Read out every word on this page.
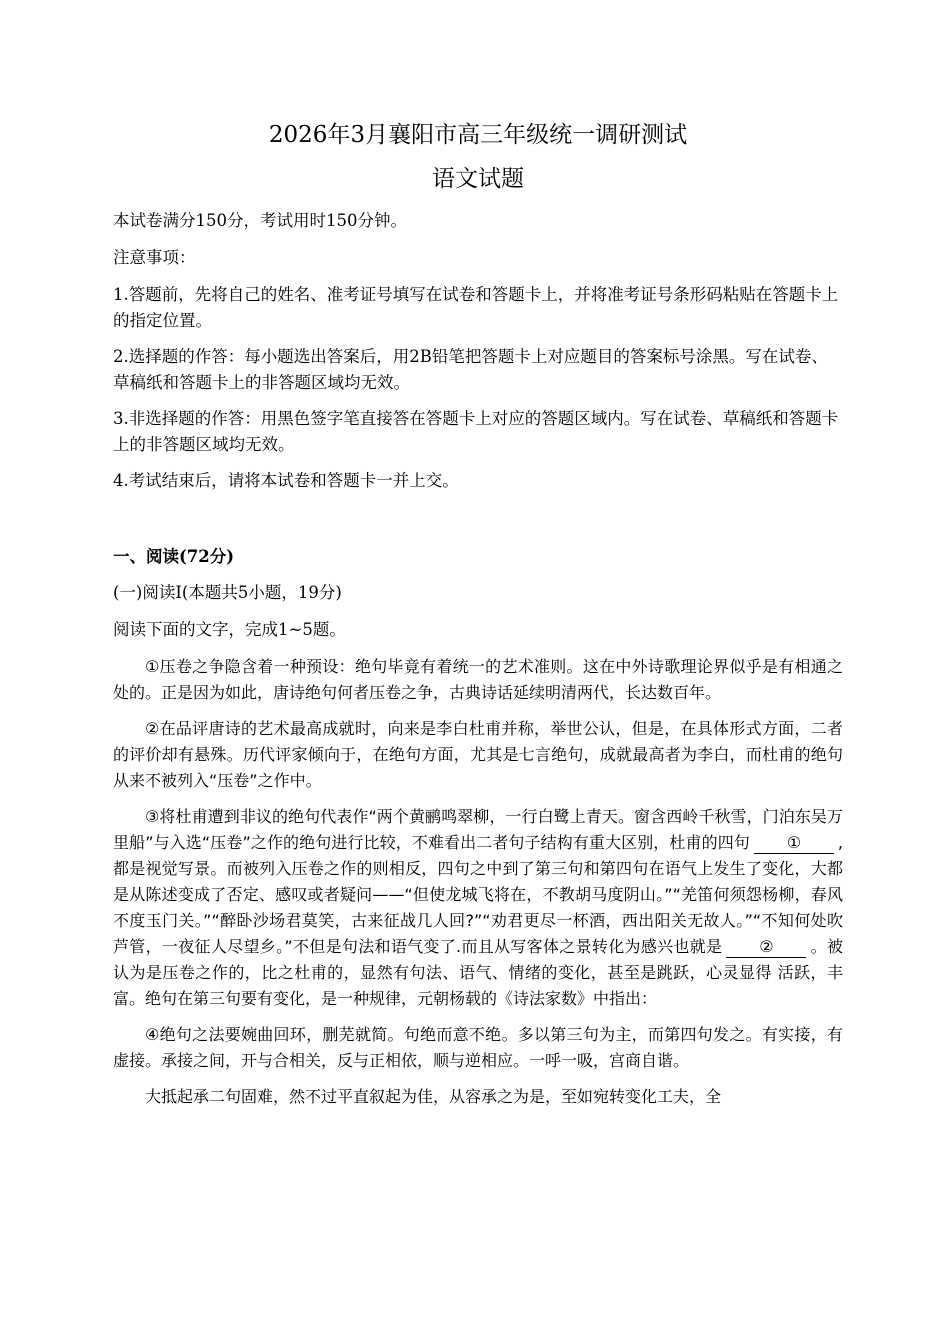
2026年3月襄阳市高三年级统一调研测试
语文试题
本试卷满分150分，考试用时150分钟。
注意事项：
1.答题前，先将自己的姓名、准考证号填写在试卷和答题卡上，并将准考证号条形码粘贴在答题卡上的指定位置。
2.选择题的作答：每小题选出答案后，用2B铅笔把答题卡上对应题目的答案标号涂黑。写在试卷、草稿纸和答题卡上的非答题区域均无效。
3.非选择题的作答：用黑色签字笔直接答在答题卡上对应的答题区域内。写在试卷、草稿纸和答题卡上的非答题区域均无效。
4.考试结束后，请将本试卷和答题卡一并上交。
一、阅读(72分)
(一)阅读Ⅰ(本题共5小题，19分)
阅读下面的文字，完成1~5题。
①压卷之争隐含着一种预设：绝句毕竟有着统一的艺术准则。这在中外诗歌理论界似乎是有相通之处的。正是因为如此，唐诗绝句何者压卷之争，古典诗话延续明清两代，长达数百年。
②在品评唐诗的艺术最高成就时，向来是李白杜甫并称，举世公认，但是，在具体形式方面，二者的评价却有悬殊。历代评家倾向于，在绝句方面，尤其是七言绝句，成就最高者为李白，而杜甫的绝句从来不被列入“压卷”之作中。
③将杜甫遭到非议的绝句代表作“两个黄鹂鸣翠柳，一行白鹭上青天。窗含西岭千秋雪，门泊东吴万里船”与入选“压卷”之作的绝句进行比较，不难看出二者句子结构有重大区别，杜甫的四句 ① ,都是视觉写景。而被列入压卷之作的则相反，四句之中到了第三句和第四句在语气上发生了变化，大都是从陈述变成了否定、感叹或者疑问——“但使龙城飞将在，不教胡马度阴山。”“羌笛何须怨杨柳，春风不度玉门关。”“醉卧沙场君莫笑，古来征战几人回?”“劝君更尽一杯酒，西出阳关无故人。”“不知何处吹芦管，一夜征人尽望乡。”不但是句法和语气变了.而且从写客体之景转化为感兴也就是 ② 。被认为是压卷之作的，比之杜甫的，显然有句法、语气、情绪的变化，甚至是跳跃，心灵显得 活跃，丰富。绝句在第三句要有变化，是一种规律，元朝杨载的《诗法家数》中指出：
④绝句之法要婉曲回环，删芜就简。句绝而意不绝。多以第三句为主，而第四句发之。有实接，有虚接。承接之间，开与合相关，反与正相依，顺与逆相应。一呼一吸，宫商自谐。
大抵起承二句固难，然不过平直叙起为佳，从容承之为是，至如宛转变化工夫，全
